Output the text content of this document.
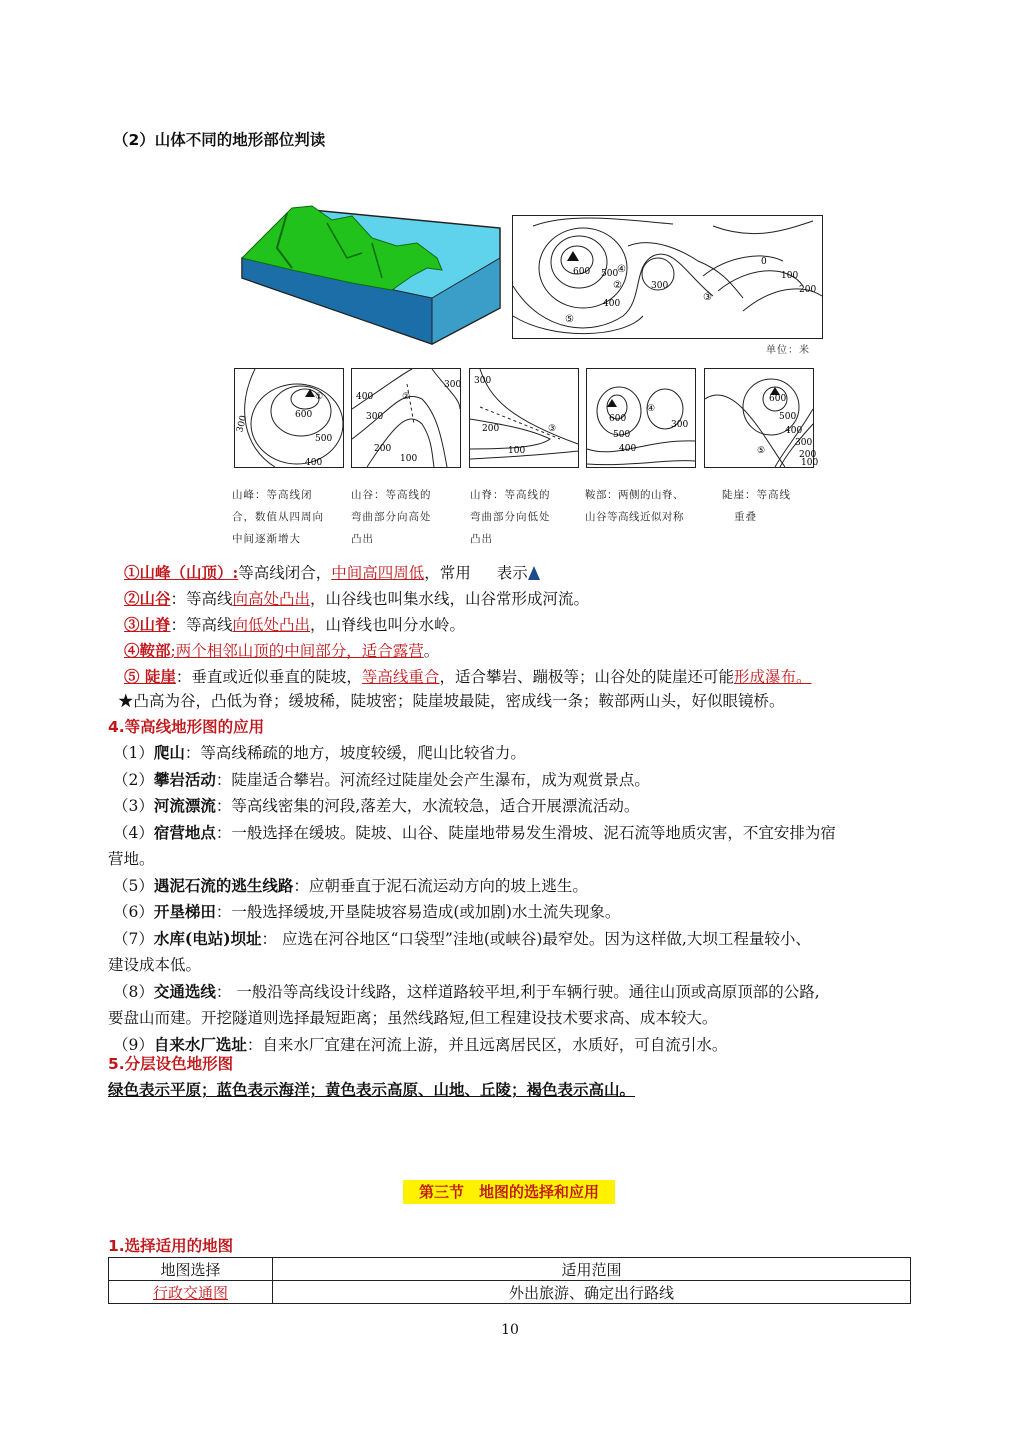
（2）山体不同的地形部位判读
600 500
400
300
0
100
200
④
②
⑤
③
单位：米
①
600
500
400
300
②
400
300
200
100
300
③
300
200
100
④
600
500
400
300
⑤
600
500
400
300
200
100
山峰：等高线闭
合，数值从四周向
中间逐渐增大
山谷：等高线的
弯曲部分向高处
凸出
山脊：等高线的
弯曲部分向低处
凸出
鞍部：两侧的山脊、
山谷等高线近似对称
陡崖：等高线
重叠
①山峰（山顶）:等高线闭合，中间高四周低，常用 表示
②山谷：等高线向高处凸出，山谷线也叫集水线，山谷常形成河流。
③山脊：等高线向低处凸出，山脊线也叫分水岭。
④鞍部;两个相邻山顶的中间部分，适合露营。
⑤ 陡崖：垂直或近似垂直的陡坡，等高线重合，适合攀岩、蹦极等；山谷处的陡崖还可能形成瀑布。
★凸高为谷，凸低为脊；缓坡稀，陡坡密；陡崖坡最陡，密成线一条；鞍部两山头，好似眼镜桥。
4.等高线地形图的应用
（1）爬山：等高线稀疏的地方，坡度较缓，爬山比较省力。
（2）攀岩活动：陡崖适合攀岩。河流经过陡崖处会产生瀑布，成为观赏景点。
（3）河流漂流：等高线密集的河段,落差大，水流较急，适合开展漂流活动。
（4）宿营地点：一般选择在缓坡。陡坡、山谷、陡崖地带易发生滑坡、泥石流等地质灾害，不宜安排为宿
营地。
（5）遇泥石流的逃生线路：应朝垂直于泥石流运动方向的坡上逃生。
（6）开垦梯田：一般选择缓坡,开垦陡坡容易造成(或加剧)水土流失现象。
（7）水库(电站)坝址： 应选在河谷地区“口袋型”洼地(或峡谷)最窄处。因为这样做,大坝工程量较小、
建设成本低。
（8）交通选线： 一般沿等高线设计线路，这样道路较平坦,利于车辆行驶。通往山顶或高原顶部的公路,
要盘山而建。开挖隧道则选择最短距离；虽然线路短,但工程建设技术要求高、成本较大。
（9）自来水厂选址：自来水厂宜建在河流上游，并且远离居民区，水质好，可自流引水。
5.分层设色地形图
绿色表示平原；蓝色表示海洋；黄色表示高原、山地、丘陵；褐色表示高山。
第三节　地图的选择和应用
1.选择适用的地图
地图选择	适用范围
行政交通图	外出旅游、确定出行路线
10
